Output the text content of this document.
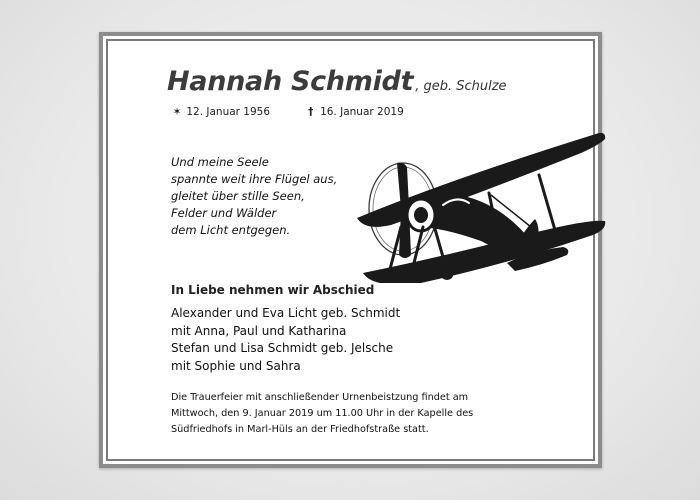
Hannah Schmidt , geb. Schulze
✶ 12. Januar 1956	† 16. Januar 2019
Und meine Seele
spannte weit ihre Flügel aus,
gleitet über stille Seen,
Felder und Wälder
dem Licht entgegen.
In Liebe nehmen wir Abschied
Alexander und Eva Licht geb. Schmidt
mit Anna, Paul und Katharina
Stefan und Lisa Schmidt geb. Jelsche
mit Sophie und Sahra
Die Trauerfeier mit anschließender Urnenbeistzung findet am
Mittwoch, den 9. Januar 2019 um 11.00 Uhr in der Kapelle des
Südfriedhofs in Marl-Hüls an der Friedhofstraße statt.
